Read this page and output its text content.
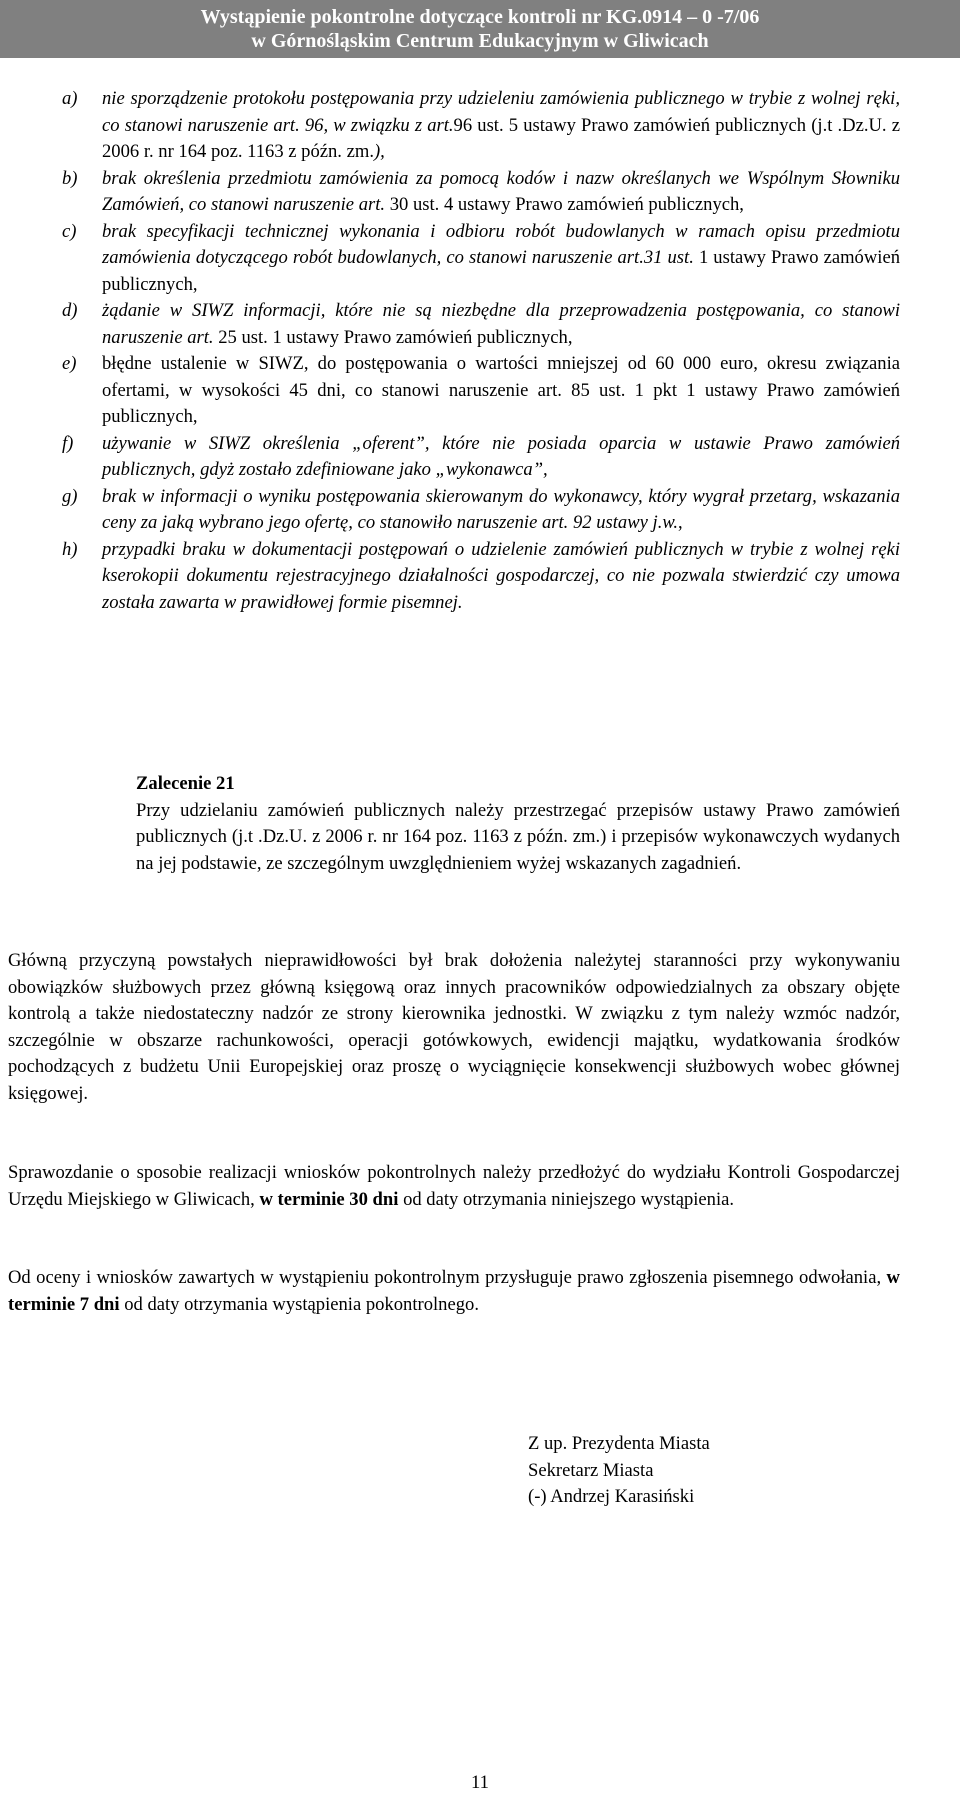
Wystąpienie pokontrolne dotyczące kontroli nr KG.0914 – 0 -7/06
w Górnośląskim Centrum Edukacyjnym w Gliwicach

a) nie sporządzenie protokołu postępowania przy udzieleniu zamówienia publicznego w trybie z wolnej ręki, co stanowi naruszenie art. 96, w związku z art.96 ust. 5 ustawy Prawo zamówień publicznych (j.t .Dz.U. z 2006 r. nr 164 poz. 1163 z późn. zm.),

b) brak określenia przedmiotu zamówienia za pomocą kodów i nazw określanych we Wspólnym Słowniku Zamówień, co stanowi naruszenie art. 30 ust. 4 ustawy Prawo zamówień publicznych,

c) brak specyfikacji technicznej wykonania i odbioru robót budowlanych w ramach opisu przedmiotu zamówienia dotyczącego robót budowlanych, co stanowi naruszenie art.31 ust. 1 ustawy Prawo zamówień publicznych,

d) żądanie w SIWZ informacji, które nie są niezbędne dla przeprowadzenia postępowania, co stanowi naruszenie art. 25 ust. 1 ustawy Prawo zamówień publicznych,

e) błędne ustalenie w SIWZ, do postępowania o wartości mniejszej od 60 000 euro, okresu związania ofertami, w wysokości 45 dni, co stanowi naruszenie art. 85 ust. 1 pkt 1 ustawy Prawo zamówień publicznych,

f) używanie w SIWZ określenia „oferent”, które nie posiada oparcia w ustawie Prawo zamówień publicznych, gdyż zostało zdefiniowane jako „wykonawca”,

g) brak w informacji o wyniku postępowania skierowanym do wykonawcy, który wygrał przetarg, wskazania ceny za jaką wybrano jego ofertę, co stanowiło naruszenie art. 92 ustawy j.w.,

h) przypadki braku w dokumentacji postępowań o udzielenie zamówień publicznych w trybie z wolnej ręki kserokopii dokumentu rejestracyjnego działalności gospodarczej, co nie pozwala stwierdzić czy umowa została zawarta w prawidłowej formie pisemnej.

Zalecenie 21
Przy udzielaniu zamówień publicznych należy przestrzegać przepisów ustawy Prawo zamówień publicznych (j.t .Dz.U. z 2006 r. nr 164 poz. 1163 z późn. zm.) i przepisów wykonawczych wydanych na jej podstawie, ze szczególnym uwzględnieniem wyżej wskazanych zagadnień.
Główną przyczyną powstałych nieprawidłowości był brak dołożenia należytej staranności przy wykonywaniu obowiązków służbowych przez główną księgową oraz innych pracowników odpowiedzialnych za obszary objęte kontrolą a także niedostateczny nadzór ze strony kierownika jednostki. W związku z tym należy wzmóc nadzór, szczególnie w obszarze rachunkowości, operacji gotówkowych, ewidencji majątku, wydatkowania środków pochodzących z budżetu Unii Europejskiej oraz proszę o wyciągnięcie konsekwencji służbowych wobec głównej księgowej.
Sprawozdanie o sposobie realizacji wniosków pokontrolnych należy przedłożyć do wydziału Kontroli Gospodarczej Urzędu Miejskiego w Gliwicach, w terminie 30 dni od daty otrzymania niniejszego wystąpienia.
Od oceny i wniosków zawartych w wystąpieniu pokontrolnym przysługuje prawo zgłoszenia pisemnego odwołania, w terminie 7 dni od daty otrzymania wystąpienia pokontrolnego.
Z up. Prezydenta Miasta
Sekretarz Miasta
(-) Andrzej Karasiński
11
